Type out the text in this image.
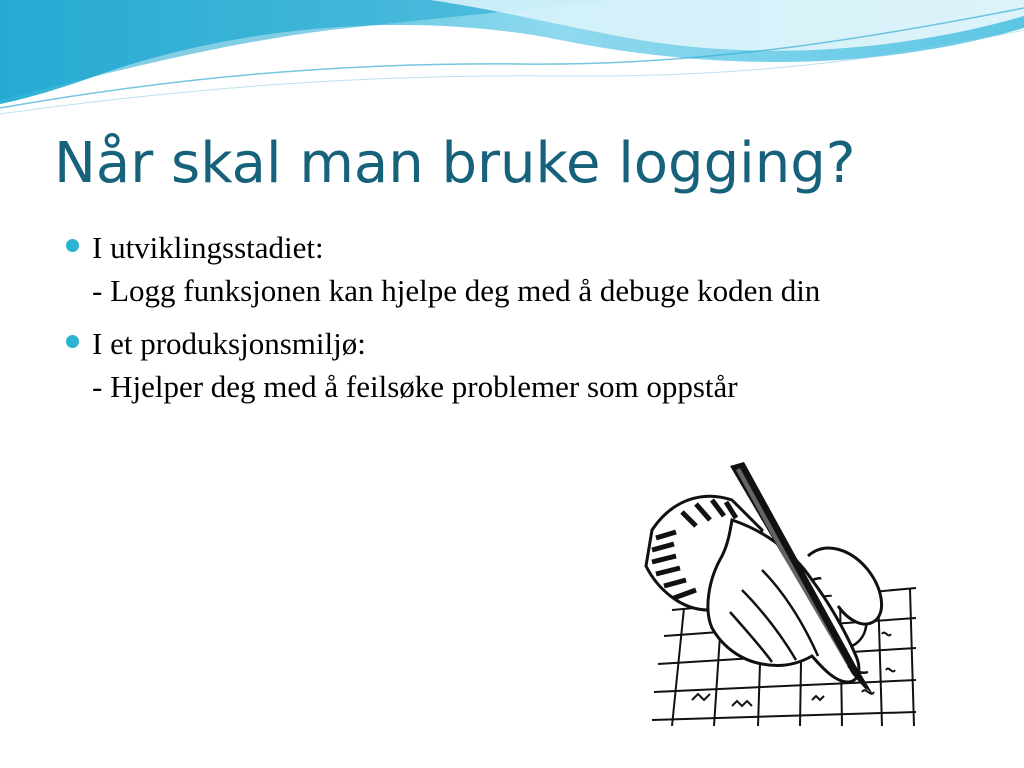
Når skal man bruke logging?
I utviklingsstadiet:
- Logg funksjonen kan hjelpe deg med å debuge koden din
I et produksjonsmiljø:
- Hjelper deg med å feilsøke problemer som oppstår
